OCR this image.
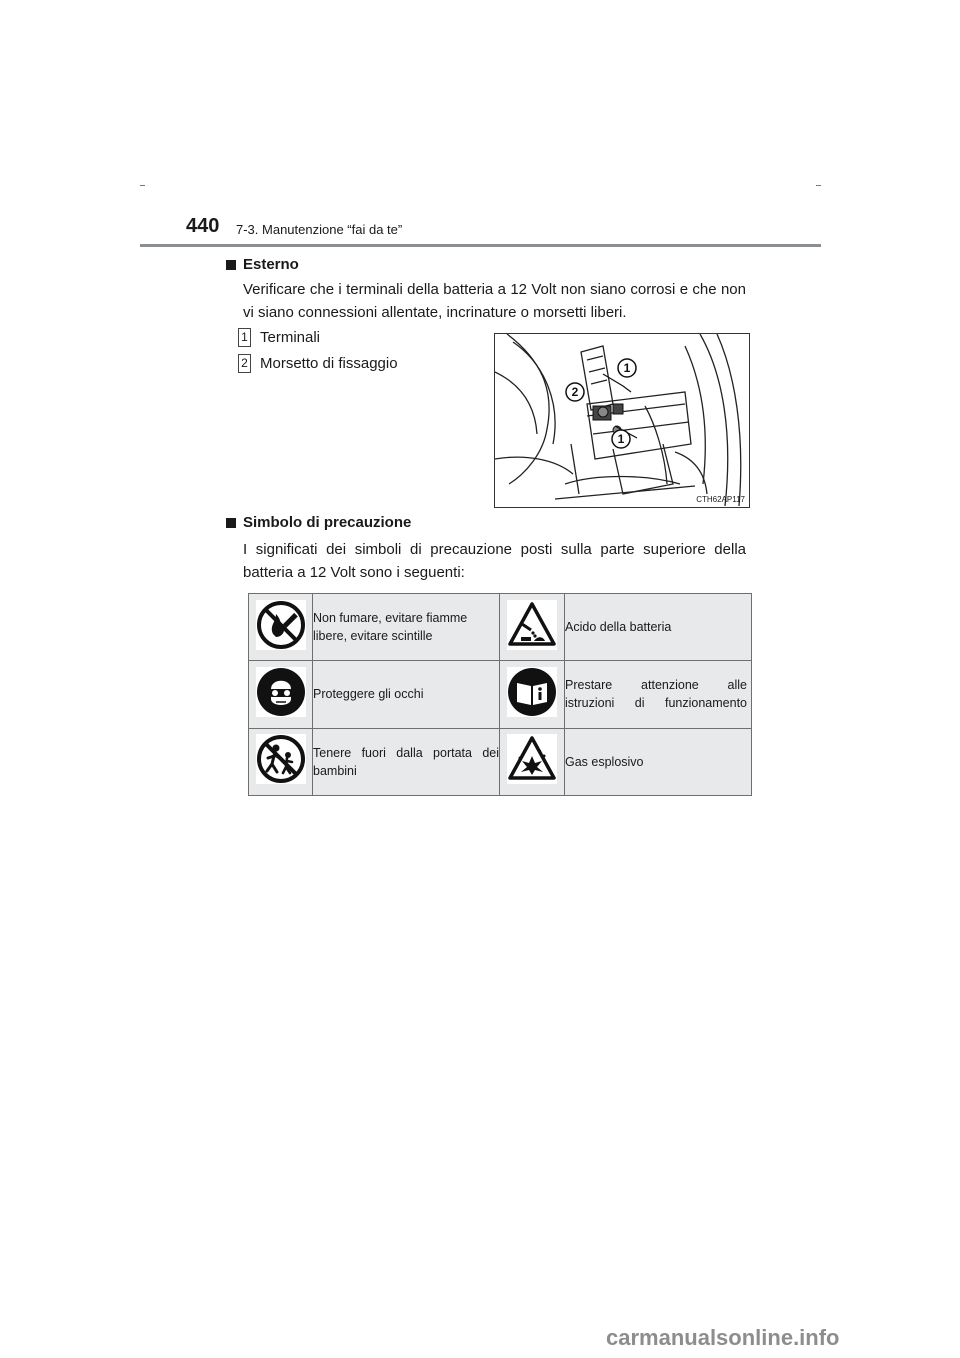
440 7-3. Manutenzione “fai da te”
Esterno
Verificare che i terminali della batteria a 12 Volt non siano corrosi e che non vi siano connessioni allentate, incrinature o morsetti liberi.
1 Terminali
2 Morsetto di fissaggio	1
2
1
CTH62AP117
Simbolo di precauzione
I significati dei simboli di precauzione posti sulla parte superiore della batteria a 12 Volt sono i seguenti:
	Non fumare, evitare fiamme libere, evitare scintille		Acido della batteria

	Proteggere gli occhi		Prestare attenzione alle istruzioni di funzionamento

Tenere fuori dalla portata dei bambini		Gas esplosivo
carmanualsonline.info
